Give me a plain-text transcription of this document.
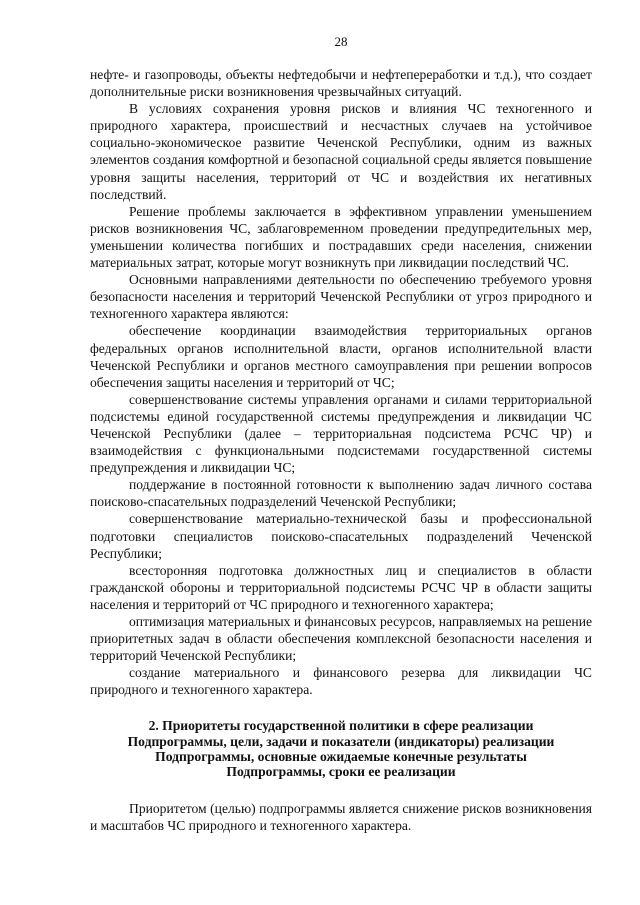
28

нефте- и газопроводы, объекты нефтедобычи и нефтепереработки и т.д.), что создает дополнительные риски возникновения чрезвычайных ситуаций.

В условиях сохранения уровня рисков и влияния ЧС техногенного и природного характера, происшествий и несчастных случаев на устойчивое социально-экономическое развитие Чеченской Республики, одним из важных элементов создания комфортной и безопасной социальной среды является повышение уровня защиты населения, территорий от ЧС и воздействия их негативных последствий.

Решение проблемы заключается в эффективном управлении уменьшением рисков возникновения ЧС, заблаговременном проведении предупредительных мер, уменьшении количества погибших и пострадавших среди населения, снижении материальных затрат, которые могут возникнуть при ликвидации последствий ЧС.

Основными направлениями деятельности по обеспечению требуемого уровня безопасности населения и территорий Чеченской Республики от угроз природного и техногенного характера являются:

обеспечение координации взаимодействия территориальных органов федеральных органов исполнительной власти, органов исполнительной власти Чеченской Республики и органов местного самоуправления при решении вопросов обеспечения защиты населения и территорий от ЧС;

совершенствование системы управления органами и силами территориальной подсистемы единой государственной системы предупреждения и ликвидации ЧС Чеченской Республики (далее – территориальная подсистема РСЧС ЧР) и взаимодействия с функциональными подсистемами государственной системы предупреждения и ликвидации ЧС;

поддержание в постоянной готовности к выполнению задач личного состава поисково-спасательных подразделений Чеченской Республики;

совершенствование материально-технической базы и профессиональной подготовки специалистов поисково-спасательных подразделений Чеченской Республики;

всесторонняя подготовка должностных лиц и специалистов в области гражданской обороны и территориальной подсистемы РСЧС ЧР в области защиты населения и территорий от ЧС природного и техногенного характера;

оптимизация материальных и финансовых ресурсов, направляемых на решение приоритетных задач в области обеспечения комплексной безопасности населения и территорий Чеченской Республики;

создание материального и финансового резерва для ликвидации ЧС природного и техногенного характера.

2. Приоритеты государственной политики в сфере реализации
Подпрограммы, цели, задачи и показатели (индикаторы) реализации
Подпрограммы, основные ожидаемые конечные результаты
Подпрограммы, сроки ее реализации

Приоритетом (целью) подпрограммы является снижение рисков возникновения и масштабов ЧС природного и техногенного характера.
